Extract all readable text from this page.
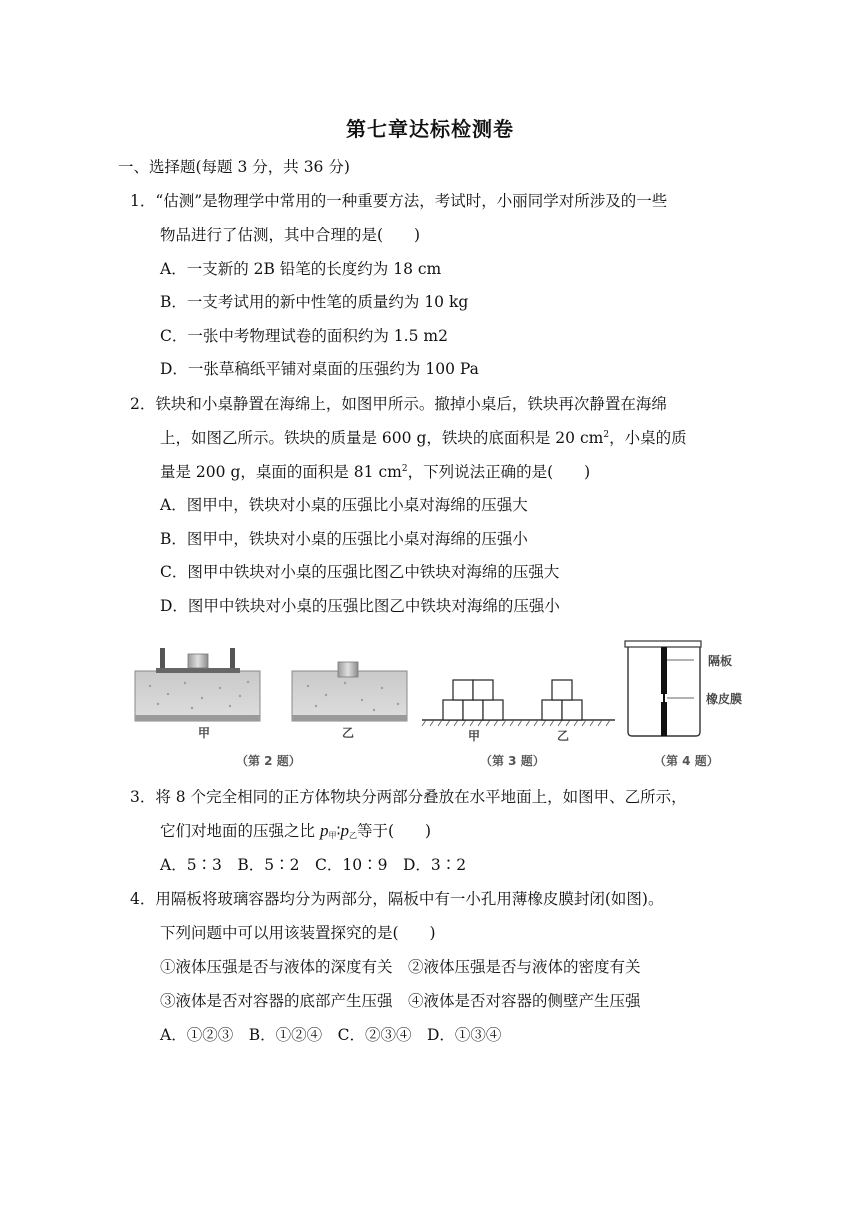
第七章达标检测卷
一、选择题(每题 3 分，共 36 分)
1．“估测”是物理学中常用的一种重要方法，考试时，小丽同学对所涉及的一些
物品进行了估测，其中合理的是(　　)
A．一支新的 2B 铅笔的长度约为 18 cm
B．一支考试用的新中性笔的质量约为 10 kg
C．一张中考物理试卷的面积约为 1.5 m2
D．一张草稿纸平铺对桌面的压强约为 100 Pa
2．铁块和小桌静置在海绵上，如图甲所示。撤掉小桌后，铁块再次静置在海绵
上，如图乙所示。铁块的质量是 600 g，铁块的底面积是 20 $cm^2$，小桌的质
量是 200 g，桌面的面积是 81 $cm^2$，下列说法正确的是(　　)
A．图甲中，铁块对小桌的压强比小桌对海绵的压强大
B．图甲中，铁块对小桌的压强比小桌对海绵的压强小
C．图甲中铁块对小桌的压强比图乙中铁块对海绵的压强大
D．图甲中铁块对小桌的压强比图乙中铁块对海绵的压强小
甲	乙	甲	乙
隔板
橡皮膜
（第 2 题）	（第 3 题）	（第 4 题）
3．将 8 个完全相同的正方体物块分两部分叠放在水平地面上，如图甲、乙所示，
它们对地面的压强之比 p甲∶p乙等于(　　)
A．5∶3　B．5∶2　C．10∶9　D．3∶2
4．用隔板将玻璃容器均分为两部分，隔板中有一小孔用薄橡皮膜封闭(如图)。
下列问题中可以用该装置探究的是(　　)
①液体压强是否与液体的深度有关　②液体压强是否与液体的密度有关
③液体是否对容器的底部产生压强　④液体是否对容器的侧壁产生压强
A．①②③　B．①②④　C．②③④　D．①③④
